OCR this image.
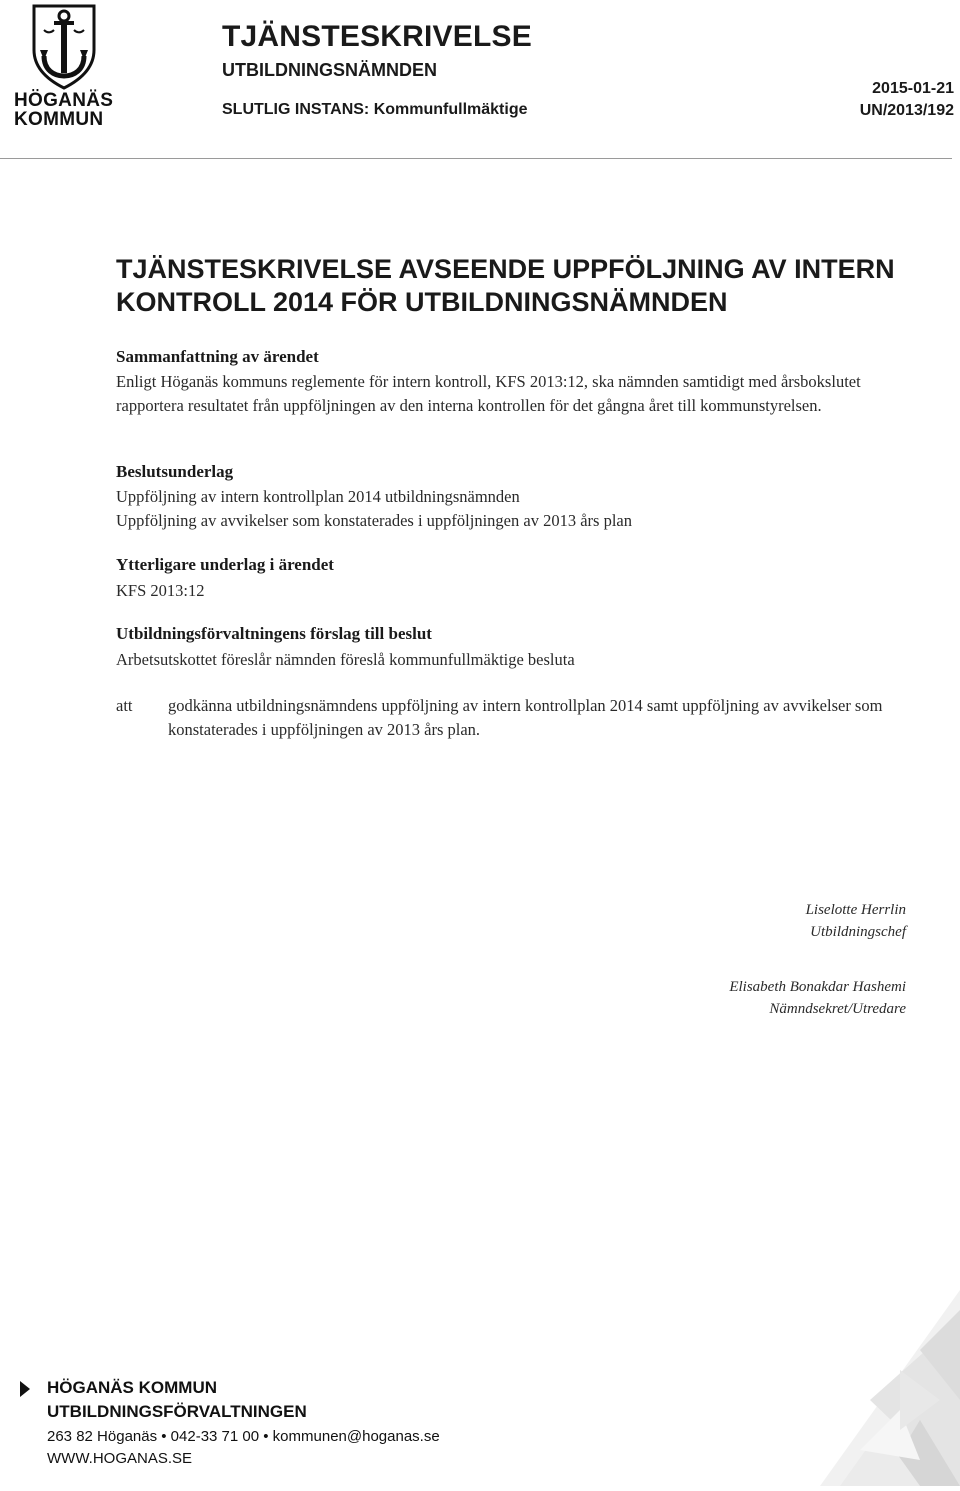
HÖGANÄS
KOMMUN
TJÄNSTESKRIVELSE
UTBILDNINGSNÄMNDEN
SLUTLIG INSTANS: Kommunfullmäktige
2015-01-21
UN/2013/192
TJÄNSTESKRIVELSE AVSEENDE UPPFÖLJNING AV INTERN
KONTROLL 2014 FÖR UTBILDNINGSNÄMNDEN
Sammanfattning av ärendet
Enligt Höganäs kommuns reglemente för intern kontroll, KFS 2013:12, ska nämnden samtidigt med årsbokslutet rapportera resultatet från uppföljningen av den interna kontrollen för det gångna året till kommunstyrelsen.
Beslutsunderlag
Uppföljning av intern kontrollplan 2014 utbildningsnämnden
Uppföljning av avvikelser som konstaterades i uppföljningen av 2013 års plan
Ytterligare underlag i ärendet
KFS 2013:12
Utbildningsförvaltningens förslag till beslut
Arbetsutskottet föreslår nämnden föreslå kommunfullmäktige besluta
att godkänna utbildningsnämndens uppföljning av intern kontrollplan 2014 samt uppföljning av avvikelser som konstaterades i uppföljningen av 2013 års plan.
Liselotte Herrlin
Utbildningschef
Elisabeth Bonakdar Hashemi
Nämndsekret/Utredare
HÖGANÄS KOMMUN
UTBILDNINGSFÖRVALTNINGEN
263 82 Höganäs • 042-33 71 00 • kommunen@hoganas.se
WWW.HOGANAS.SE
